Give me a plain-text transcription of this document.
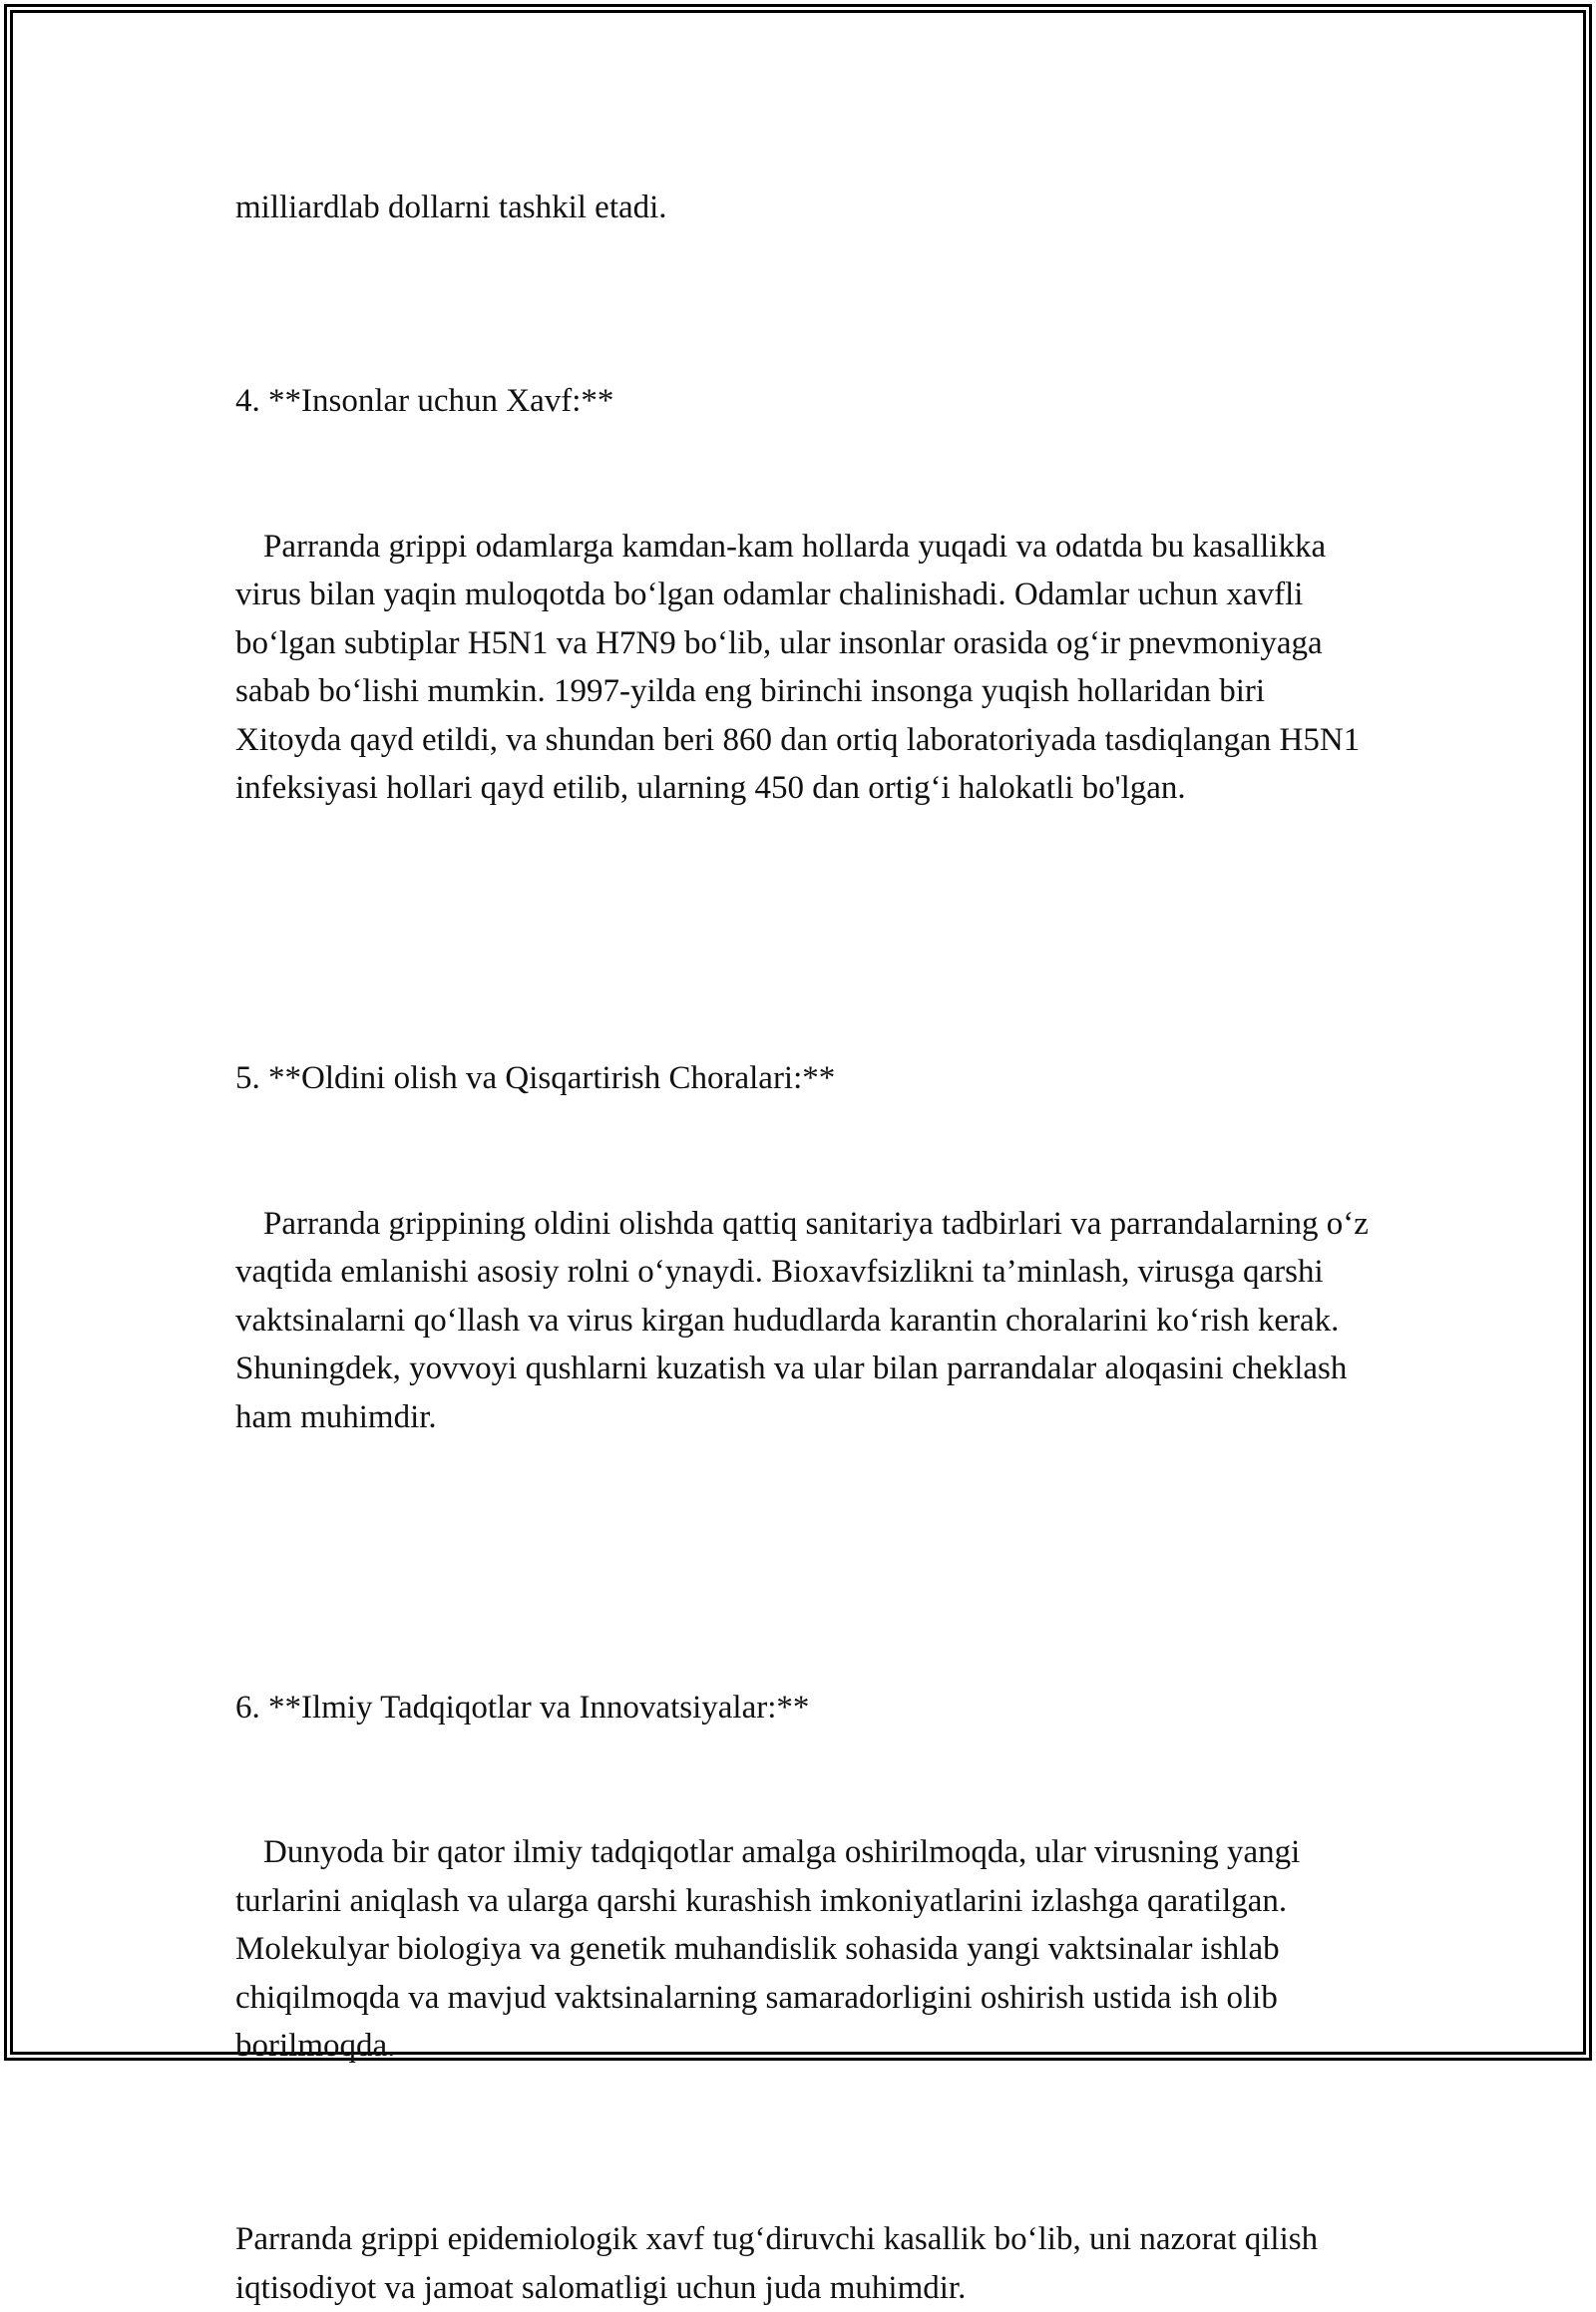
milliardlab dollarni tashkil etadi.

4. **Insonlar uchun Xavf:**

Parranda grippi odamlarga kamdan-kam hollarda yuqadi va odatda bu kasallikka virus bilan yaqin muloqotda bo‘lgan odamlar chalinishadi. Odamlar uchun xavfli bo‘lgan subtiplar H5N1 va H7N9 bo‘lib, ular insonlar orasida og‘ir pnevmoniyaga sabab bo‘lishi mumkin. 1997-yilda eng birinchi insonga yuqish hollaridan biri Xitoyda qayd etildi, va shundan beri 860 dan ortiq laboratoriyada tasdiqlangan H5N1 infeksiyasi hollari qayd etilib, ularning 450 dan ortig‘i halokatli bo'lgan.

5. **Oldini olish va Qisqartirish Choralari:**

Parranda grippining oldini olishda qattiq sanitariya tadbirlari va parrandalarning o‘z vaqtida emlanishi asosiy rolni o‘ynaydi. Bioxavfsizlikni ta’minlash, virusga qarshi vaktsinalarni qo‘llash va virus kirgan hududlarda karantin choralarini ko‘rish kerak. Shuningdek, yovvoyi qushlarni kuzatish va ular bilan parrandalar aloqasini cheklash ham muhimdir.

6. **Ilmiy Tadqiqotlar va Innovatsiyalar:**

Dunyoda bir qator ilmiy tadqiqotlar amalga oshirilmoqda, ular virusning yangi turlarini aniqlash va ularga qarshi kurashish imkoniyatlarini izlashga qaratilgan. Molekulyar biologiya va genetik muhandislik sohasida yangi vaktsinalar ishlab chiqilmoqda va mavjud vaktsinalarning samaradorligini oshirish ustida ish olib borilmoqda.

Parranda grippi epidemiologik xavf tug‘diruvchi kasallik bo‘lib, uni nazorat qilish iqtisodiyot va jamoat salomatligi uchun juda muhimdir.
